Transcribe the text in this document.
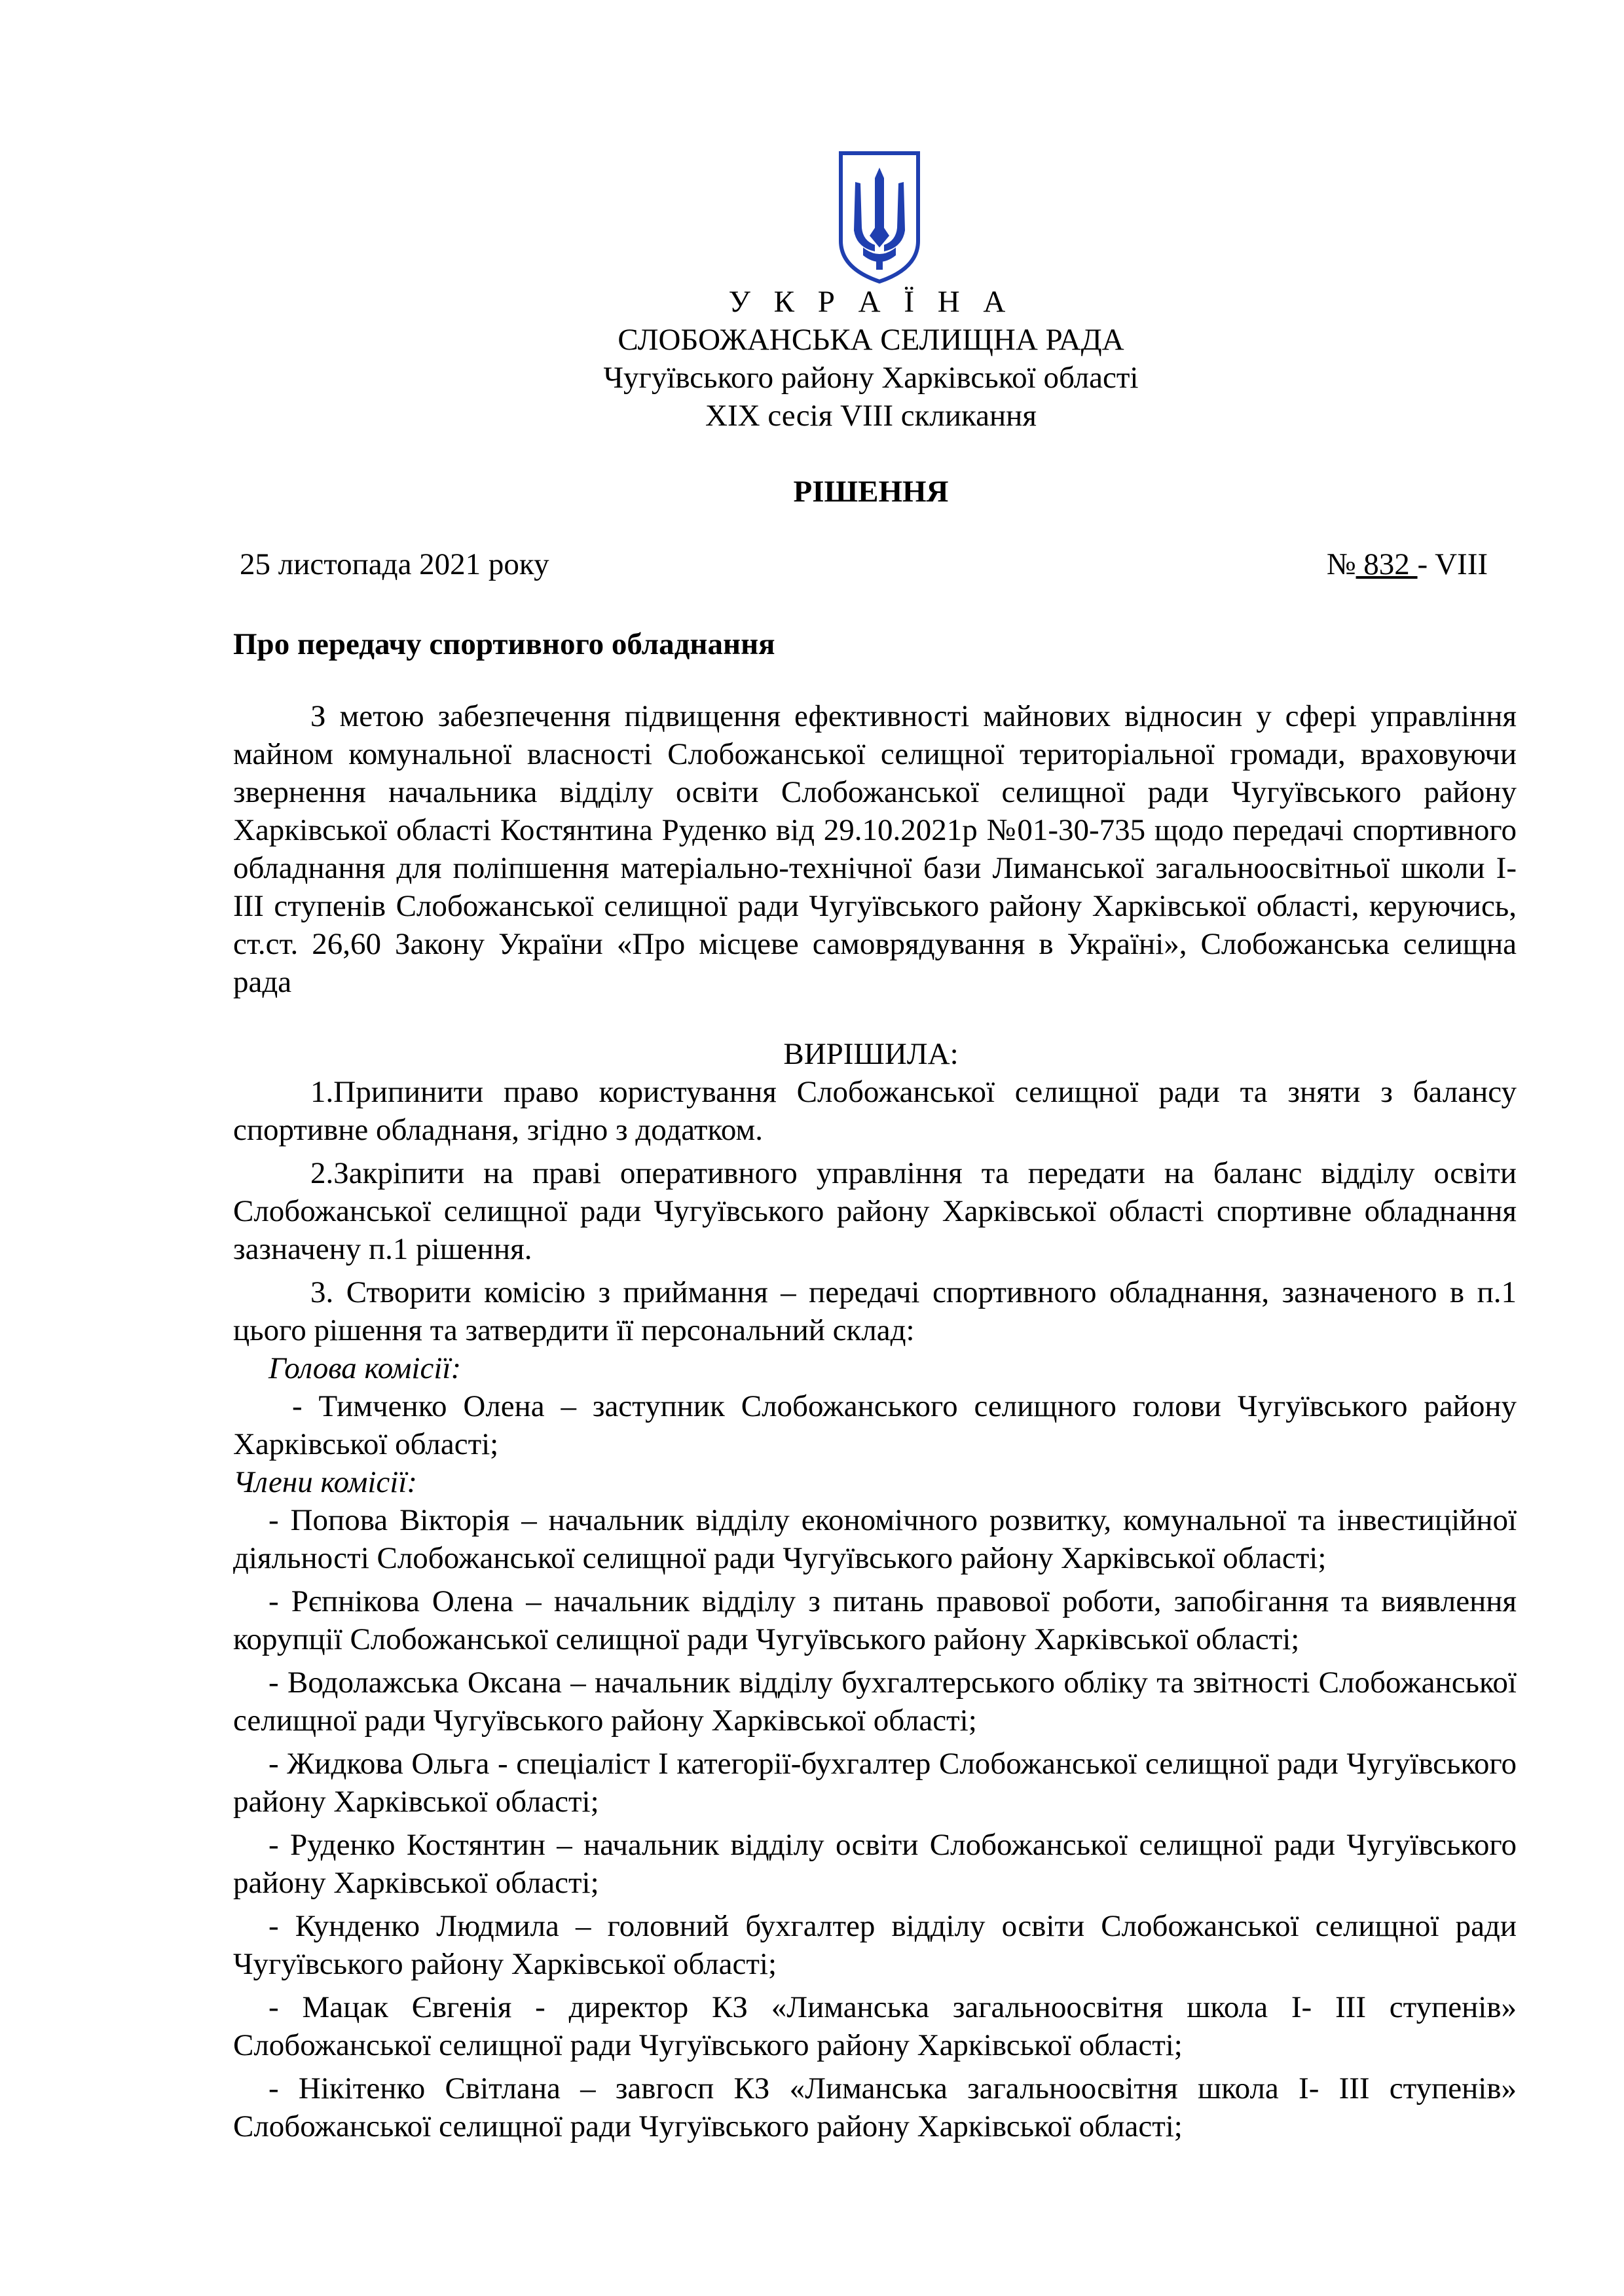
У К Р А Ї Н А
СЛОБОЖАНСЬКА СЕЛИЩНА РАДА
Чугуївського району Харківської області
XIX сесія VIII скликання
РІШЕННЯ
25 листопада 2021 року	№ 832 - VIII
Про передачу спортивного обладнання
З метою забезпечення підвищення ефективності майнових відносин у сфері управління майном комунальної власності Слобожанської селищної територіальної громади, враховуючи звернення начальника відділу освіти Слобожанської селищної ради Чугуївського району Харківської області Костянтина Руденко від 29.10.2021р №01-30-735 щодо передачі спортивного обладнання для поліпшення матеріально-технічної бази Лиманської загальноосвітньої школи І- ІІІ ступенів Слобожанської селищної ради Чугуївського району Харківської області, керуючись, ст.ст. 26,60 Закону України «Про місцеве самоврядування в Україні», Слобожанська селищна рада
ВИРІШИЛА:
1.Припинити право користування Слобожанської селищної ради та зняти з балансу спортивне обладнаня, згідно з додатком.
2.Закріпити на праві оперативного управління та передати на баланс відділу освіти Слобожанської селищної ради Чугуївського району Харківської області спортивне обладнання зазначену п.1 рішення.
3. Створити комісію з приймання – передачі спортивного обладнання, зазначеного в п.1 цього рішення та затвердити її персональний склад:
Голова комісії:
- Тимченко Олена – заступник Слобожанського селищного голови Чугуївського району Харківської області;
Члени комісії:
- Попова Вікторія – начальник відділу економічного розвитку, комунальної та інвестиційної діяльності Слобожанської селищної ради Чугуївського району Харківської області;
- Рєпнікова Олена – начальник відділу з питань правової роботи, запобігання та виявлення корупції Слобожанської селищної ради Чугуївського району Харківської області;
- Водолажська Оксана – начальник відділу бухгалтерського обліку та звітності Слобожанської селищної ради Чугуївського району Харківської області;
- Жидкова Ольга - спеціаліст І категорії-бухгалтер Слобожанської селищної ради Чугуївського району Харківської області;
- Руденко Костянтин – начальник відділу освіти Слобожанської селищної ради Чугуївського району Харківської області;
- Кунденко Людмила – головний бухгалтер відділу освіти Слобожанської селищної ради Чугуївського району Харківської області;
- Мацак Євгенія - директор КЗ «Лиманська загальноосвітня школа І- ІІІ ступенів» Слобожанської селищної ради Чугуївського району Харківської області;
- Нікітенко Світлана – завгосп КЗ «Лиманська загальноосвітня школа І- ІІІ ступенів» Слобожанської селищної ради Чугуївського району Харківської області;
